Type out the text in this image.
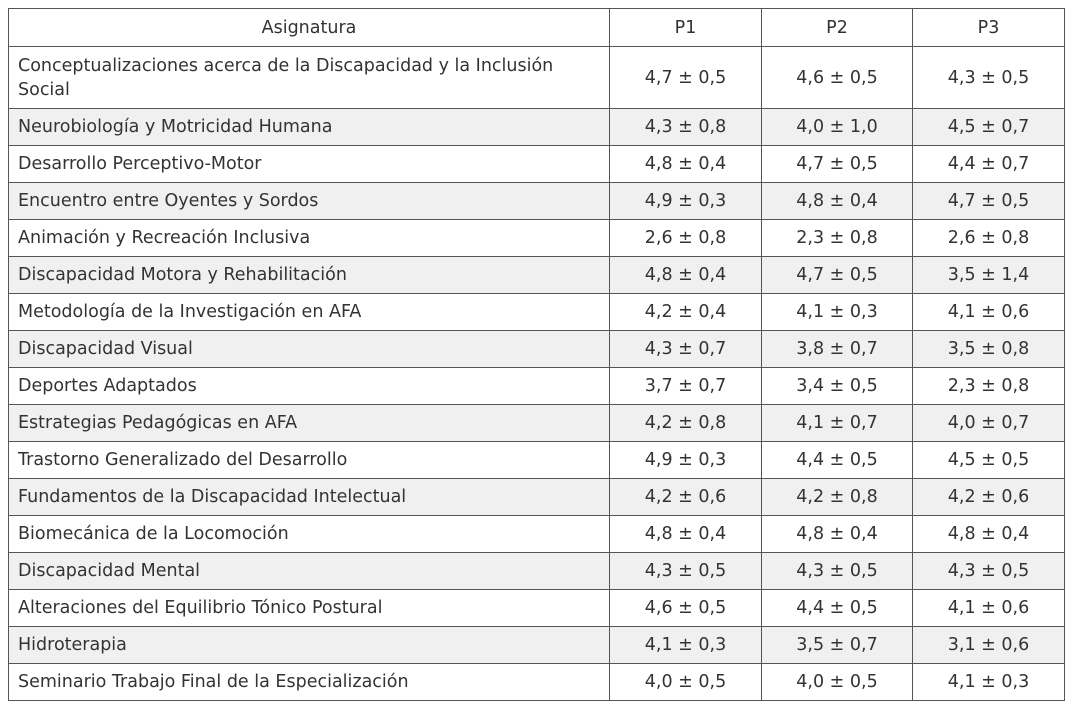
Asignatura	P1	P2	P3
Conceptualizaciones acerca de la Discapacidad y la Inclusión Social	4,7 ± 0,5	4,6 ± 0,5	4,3 ± 0,5
Neurobiología y Motricidad Humana	4,3 ± 0,8	4,0 ± 1,0	4,5 ± 0,7
Desarrollo Perceptivo-Motor	4,8 ± 0,4	4,7 ± 0,5	4,4 ± 0,7
Encuentro entre Oyentes y Sordos	4,9 ± 0,3	4,8 ± 0,4	4,7 ± 0,5
Animación y Recreación Inclusiva	2,6 ± 0,8	2,3 ± 0,8	2,6 ± 0,8
Discapacidad Motora y Rehabilitación	4,8 ± 0,4	4,7 ± 0,5	3,5 ± 1,4
Metodología de la Investigación en AFA	4,2 ± 0,4	4,1 ± 0,3	4,1 ± 0,6
Discapacidad Visual	4,3 ± 0,7	3,8 ± 0,7	3,5 ± 0,8
Deportes Adaptados	3,7 ± 0,7	3,4 ± 0,5	2,3 ± 0,8
Estrategias Pedagógicas en AFA	4,2 ± 0,8	4,1 ± 0,7	4,0 ± 0,7
Trastorno Generalizado del Desarrollo	4,9 ± 0,3	4,4 ± 0,5	4,5 ± 0,5
Fundamentos de la Discapacidad Intelectual	4,2 ± 0,6	4,2 ± 0,8	4,2 ± 0,6
Biomecánica de la Locomoción	4,8 ± 0,4	4,8 ± 0,4	4,8 ± 0,4
Discapacidad Mental	4,3 ± 0,5	4,3 ± 0,5	4,3 ± 0,5
Alteraciones del Equilibrio Tónico Postural	4,6 ± 0,5	4,4 ± 0,5	4,1 ± 0,6
Hidroterapia	4,1 ± 0,3	3,5 ± 0,7	3,1 ± 0,6
Seminario Trabajo Final de la Especialización	4,0 ± 0,5	4,0 ± 0,5	4,1 ± 0,3
